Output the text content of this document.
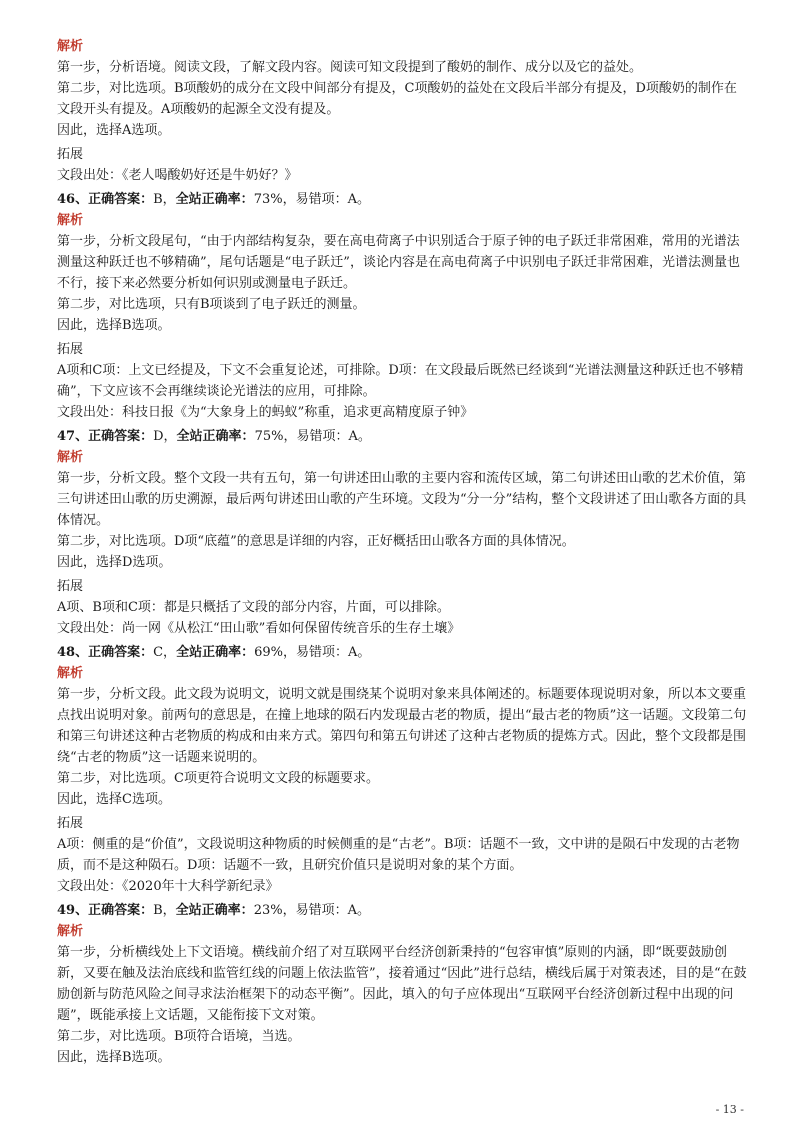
解析
第一步，分析语境。阅读文段，了解文段内容。阅读可知文段提到了酸奶的制作、成分以及它的益处。
第二步，对比选项。B项酸奶的成分在文段中间部分有提及，C项酸奶的益处在文段后半部分有提及，D项酸奶的制作在文段开头有提及。A项酸奶的起源全文没有提及。
因此，选择A选项。
拓展
文段出处：《老人喝酸奶好还是牛奶好？》
46、正确答案：B，全站正确率：73%，易错项：A。
解析
第一步，分析文段尾句，“由于内部结构复杂，要在高电荷离子中识别适合于原子钟的电子跃迁非常困难，常用的光谱法测量这种跃迁也不够精确”，尾句话题是“电子跃迁”，谈论内容是在高电荷离子中识别电子跃迁非常困难，光谱法测量也不行，接下来必然要分析如何识别或测量电子跃迁。
第二步，对比选项，只有B项谈到了电子跃迁的测量。
因此，选择B选项。
拓展
A项和C项：上文已经提及，下文不会重复论述，可排除。D项：在文段最后既然已经谈到“光谱法测量这种跃迁也不够精确”，下文应该不会再继续谈论光谱法的应用，可排除。
文段出处：科技日报《为“大象身上的蚂蚁”称重，追求更高精度原子钟》
47、正确答案：D，全站正确率：75%，易错项：A。
解析
第一步，分析文段。整个文段一共有五句，第一句讲述田山歌的主要内容和流传区域，第二句讲述田山歌的艺术价值，第三句讲述田山歌的历史溯源，最后两句讲述田山歌的产生环境。文段为“分一分”结构，整个文段讲述了田山歌各方面的具体情况。
第二步，对比选项。D项“底蕴”的意思是详细的内容，正好概括田山歌各方面的具体情况。
因此，选择D选项。
拓展
A项、B项和C项：都是只概括了文段的部分内容，片面，可以排除。
文段出处：尚一网《从松江“田山歌”看如何保留传统音乐的生存土壤》
48、正确答案：C，全站正确率：69%，易错项：A。
解析
第一步，分析文段。此文段为说明文，说明文就是围绕某个说明对象来具体阐述的。标题要体现说明对象，所以本文要重点找出说明对象。前两句的意思是，在撞上地球的陨石内发现最古老的物质，提出“最古老的物质”这一话题。文段第二句和第三句讲述这种古老物质的构成和由来方式。第四句和第五句讲述了这种古老物质的提炼方式。因此，整个文段都是围绕“古老的物质”这一话题来说明的。
第二步，对比选项。C项更符合说明文文段的标题要求。
因此，选择C选项。
拓展
A项：侧重的是“价值”，文段说明这种物质的时候侧重的是“古老”。B项：话题不一致，文中讲的是陨石中发现的古老物质，而不是这种陨石。D项：话题不一致，且研究价值只是说明对象的某个方面。
文段出处：《2020年十大科学新纪录》
49、正确答案：B，全站正确率：23%，易错项：A。
解析
第一步，分析横线处上下文语境。横线前介绍了对互联网平台经济创新秉持的“包容审慎”原则的内涵，即“既要鼓励创新，又要在触及法治底线和监管红线的问题上依法监管”，接着通过“因此”进行总结，横线后属于对策表述，目的是“在鼓励创新与防范风险之间寻求法治框架下的动态平衡”。因此，填入的句子应体现出“互联网平台经济创新过程中出现的问题”，既能承接上文话题，又能衔接下文对策。
第二步，对比选项。B项符合语境，当选。
因此，选择B选项。
- 13 -
